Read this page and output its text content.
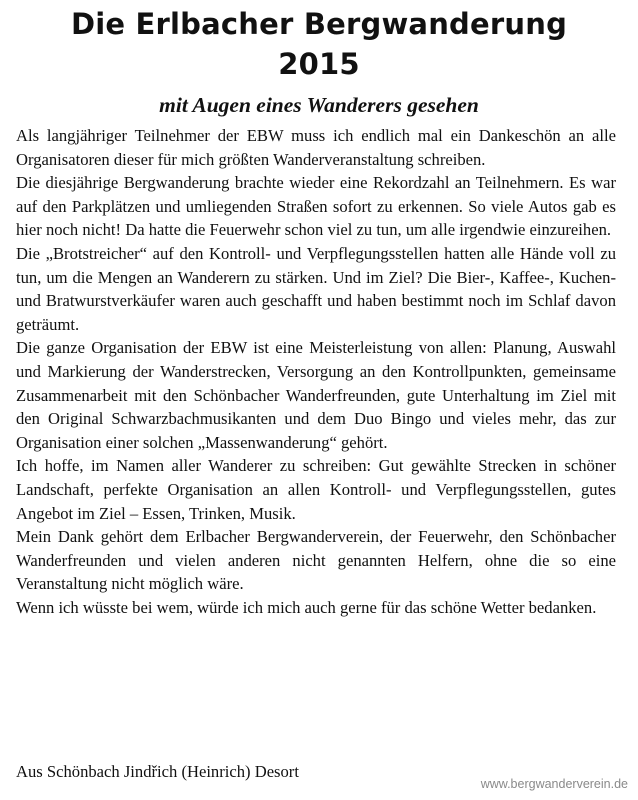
Die Erlbacher Bergwanderung
2015
mit Augen eines Wanderers gesehen

Als langjähriger Teilnehmer der EBW muss ich endlich mal ein Dankeschön an alle Organisatoren dieser für mich größten Wanderveranstaltung schreiben.

Die diesjährige Bergwanderung brachte wieder eine Rekordzahl an Teilnehmern. Es war auf den Parkplätzen und umliegenden Straßen sofort zu erkennen. So viele Autos gab es hier noch nicht! Da hatte die Feuerwehr schon viel zu tun, um alle irgendwie einzureihen.

Die „Brotstreicher“ auf den Kontroll- und Verpflegungsstellen hatten alle Hände voll zu tun, um die Mengen an Wanderern zu stärken. Und im Ziel? Die Bier-, Kaffee-, Kuchen- und Bratwurstverkäufer waren auch geschafft und haben bestimmt noch im Schlaf davon geträumt.

Die ganze Organisation der EBW ist eine Meisterleistung von allen: Planung, Auswahl und Markierung der Wanderstrecken, Versorgung an den Kontrollpunkten, gemeinsame Zusammenarbeit mit den Schönbacher Wanderfreunden, gute Unterhaltung im Ziel mit den Original Schwarzbachmusikanten und dem Duo Bingo und vieles mehr, das zur Organisation einer solchen „Massenwanderung“ gehört.

Ich hoffe, im Namen aller Wanderer zu schreiben: Gut gewählte Strecken in schöner Landschaft, perfekte Organisation an allen Kontroll- und Verpflegungsstellen, gutes Angebot im Ziel – Essen, Trinken, Musik.

Mein Dank gehört dem Erlbacher Bergwanderverein, der Feuerwehr, den Schönbacher Wanderfreunden und vielen anderen nicht genannten Helfern, ohne die so eine Veranstaltung nicht möglich wäre.

Wenn ich wüsste bei wem, würde ich mich auch gerne für das schöne Wetter bedanken.

Aus Schönbach Jindřich (Heinrich) Desort
www.bergwanderverein.de
